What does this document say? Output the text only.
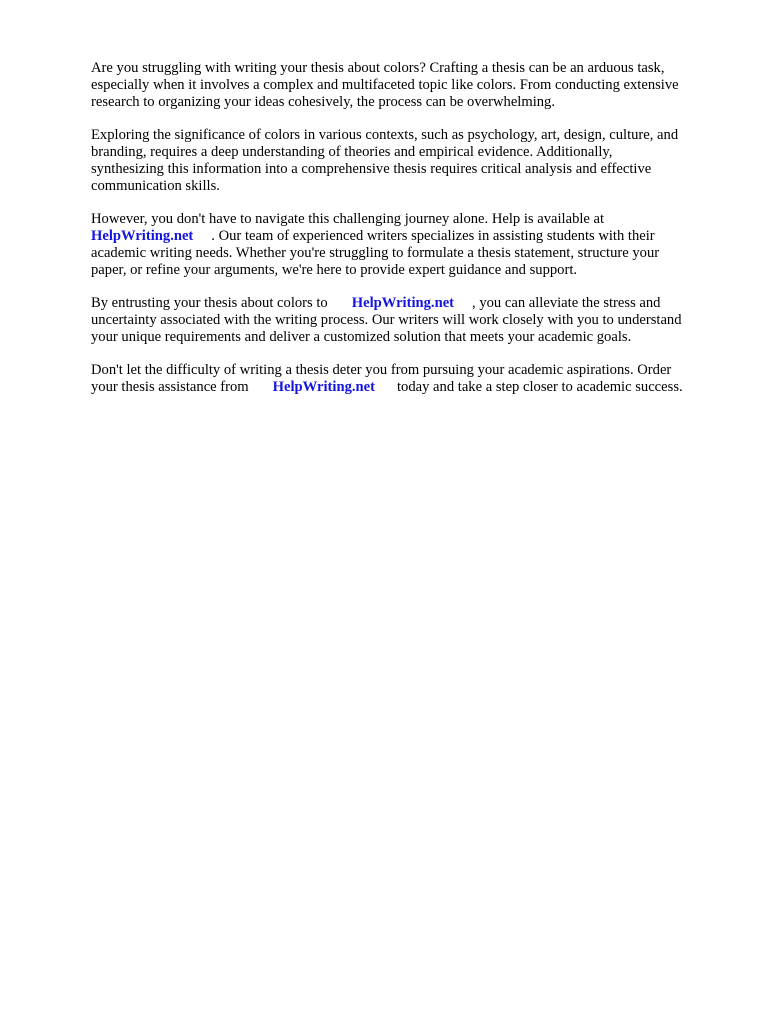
Are you struggling with writing your thesis about colors? Crafting a thesis can be an arduous task,
especially when it involves a complex and multifaceted topic like colors. From conducting extensive
research to organizing your ideas cohesively, the process can be overwhelming.

Exploring the significance of colors in various contexts, such as psychology, art, design, culture, and
branding, requires a deep understanding of theories and empirical evidence. Additionally,
synthesizing this information into a comprehensive thesis requires critical analysis and effective
communication skills.

However, you don't have to navigate this challenging journey alone. Help is available at
HelpWriting.net . Our team of experienced writers specializes in assisting students with their
academic writing needs. Whether you're struggling to formulate a thesis statement, structure your
paper, or refine your arguments, we're here to provide expert guidance and support.

By entrusting your thesis about colors to HelpWriting.net , you can alleviate the stress and
uncertainty associated with the writing process. Our writers will work closely with you to understand
your unique requirements and deliver a customized solution that meets your academic goals.

Don't let the difficulty of writing a thesis deter you from pursuing your academic aspirations. Order
your thesis assistance from HelpWriting.net today and take a step closer to academic success.
